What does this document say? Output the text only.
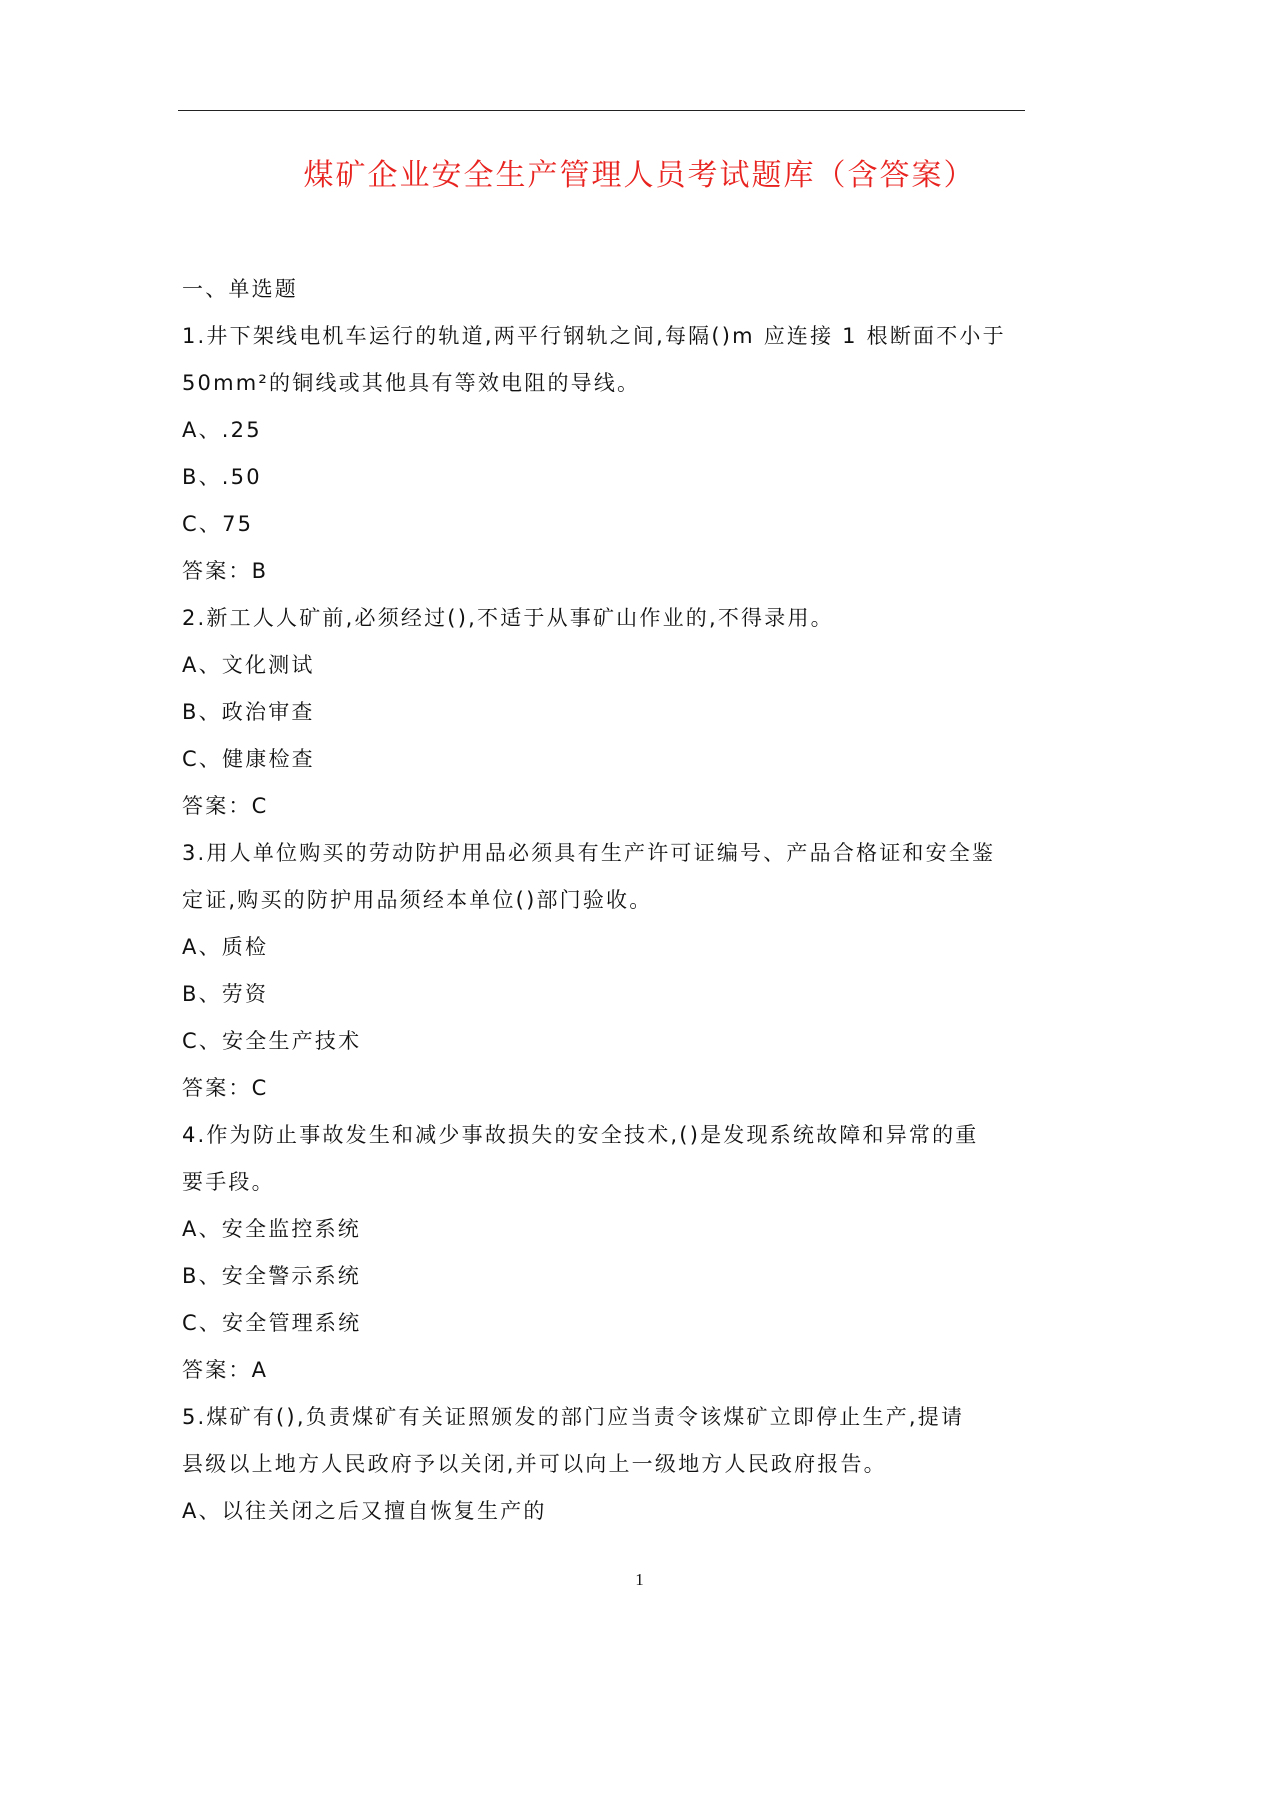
煤矿企业安全生产管理人员考试题库（含答案）
一、单选题
1.井下架线电机车运行的轨道,两平行钢轨之间,每隔()m 应连接 1 根断面不小于
50mm²的铜线或其他具有等效电阻的导线。
A、.25
B、.50
C、75
答案：B
2.新工人人矿前,必须经过(),不适于从事矿山作业的,不得录用。
A、文化测试
B、政治审查
C、健康检查
答案：C
3.用人单位购买的劳动防护用品必须具有生产许可证编号、产品合格证和安全鉴
定证,购买的防护用品须经本单位()部门验收。
A、质检
B、劳资
C、安全生产技术
答案：C
4.作为防止事故发生和减少事故损失的安全技术,()是发现系统故障和异常的重
要手段。
A、安全监控系统
B、安全警示系统
C、安全管理系统
答案：A
5.煤矿有(),负责煤矿有关证照颁发的部门应当责令该煤矿立即停止生产,提请
县级以上地方人民政府予以关闭,并可以向上一级地方人民政府报告。
A、以往关闭之后又擅自恢复生产的
1
